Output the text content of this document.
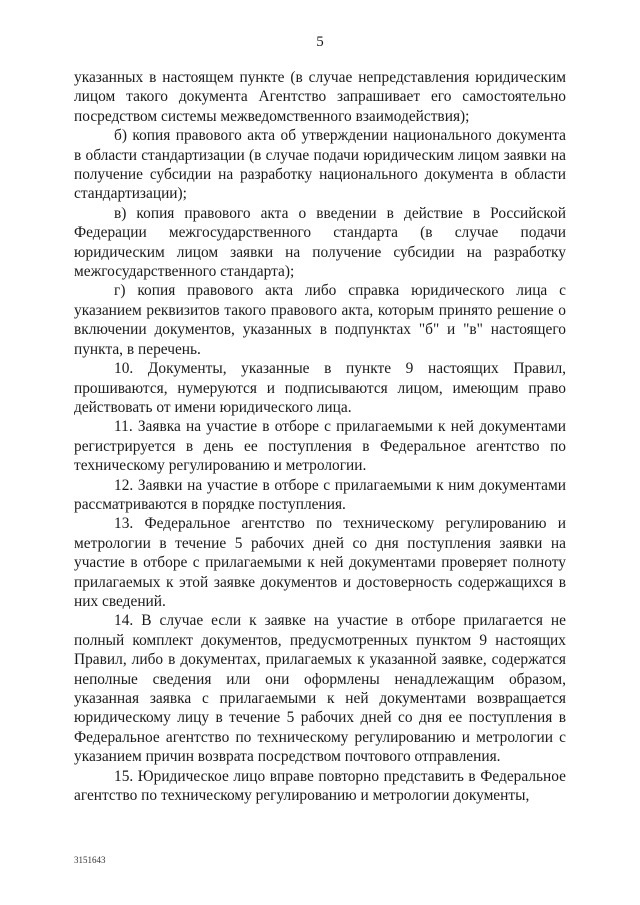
5

указанных в настоящем пункте (в случае непредставления юридическим лицом такого документа Агентство запрашивает его самостоятельно посредством системы межведомственного взаимодействия);

б) копия правового акта об утверждении национального документа в области стандартизации (в случае подачи юридическим лицом заявки на получение субсидии на разработку национального документа в области стандартизации);

в) копия правового акта о введении в действие в Российской Федерации межгосударственного стандарта (в случае подачи юридическим лицом заявки на получение субсидии на разработку межгосударственного стандарта);

г) копия правового акта либо справка юридического лица с указанием реквизитов такого правового акта, которым принято решение о включении документов, указанных в подпунктах "б" и "в" настоящего пункта, в перечень.

10. Документы, указанные в пункте 9 настоящих Правил, прошиваются, нумеруются и подписываются лицом, имеющим право действовать от имени юридического лица.

11. Заявка на участие в отборе с прилагаемыми к ней документами регистрируется в день ее поступления в Федеральное агентство по техническому регулированию и метрологии.

12. Заявки на участие в отборе с прилагаемыми к ним документами рассматриваются в порядке поступления.

13. Федеральное агентство по техническому регулированию и метрологии в течение 5 рабочих дней со дня поступления заявки на участие в отборе с прилагаемыми к ней документами проверяет полноту прилагаемых к этой заявке документов и достоверность содержащихся в них сведений.

14. В случае если к заявке на участие в отборе прилагается не полный комплект документов, предусмотренных пунктом 9 настоящих Правил, либо в документах, прилагаемых к указанной заявке, содержатся неполные сведения или они оформлены ненадлежащим образом, указанная заявка с прилагаемыми к ней документами возвращается юридическому лицу в течение 5 рабочих дней со дня ее поступления в Федеральное агентство по техническому регулированию и метрологии с указанием причин возврата посредством почтового отправления.

15. Юридическое лицо вправе повторно представить в Федеральное агентство по техническому регулированию и метрологии документы,

3151643
